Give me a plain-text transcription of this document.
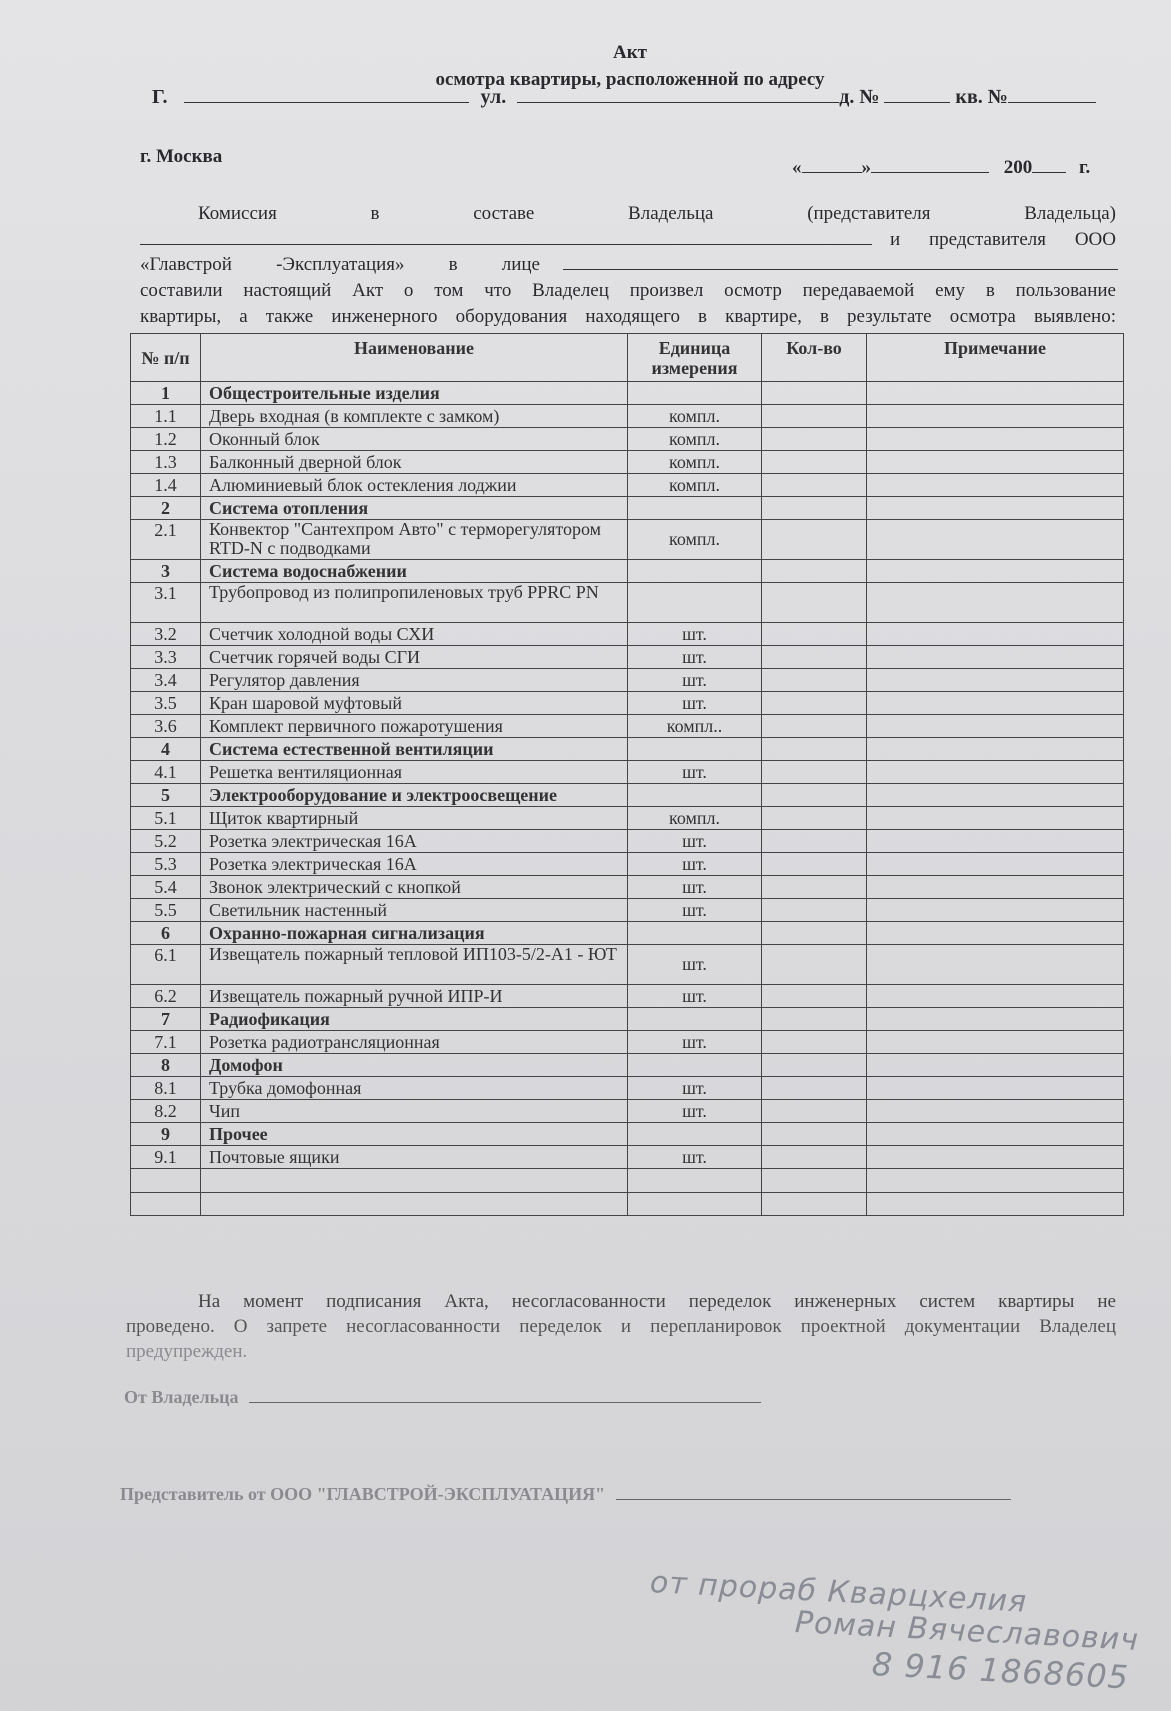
Акт
осмотра квартиры, расположенной по адресу
Г.	ул.	д. №	кв. №
г. Москва
«	»	200 г.
Комиссия	в	составе	Владельца	(представителя	Владельца)
и представителя ООО
«Главстрой -Эксплуатация» в лице

составили настоящий Акт о том что Владелец произвел осмотр передаваемой ему в пользование
квартиры, а также инженерного оборудования находящего в квартире, в результате осмотра выявлено:
№ п/п	Наименование	Единица измерения	Кол-во	Примечание
1	Общестроительные изделия			
1.1	Дверь входная (в комплекте с замком)	компл.		
1.2	Оконный блок	компл.		
1.3	Балконный дверной блок	компл.		
1.4	Алюминиевый блок остекления лоджии	компл.		
2	Система отопления			
2.1	Конвектор "Сантехпром Авто" с терморегулятором RTD-N с подводками	компл.		
3	Система водоснабжении			
3.1	Трубопровод из полипропиленовых труб PPRC PN			
3.2	Счетчик холодной воды СХИ	шт.		
3.3	Счетчик горячей воды СГИ	шт.		
3.4	Регулятор давления	шт.		
3.5	Кран шаровой муфтовый	шт.		
3.6	Комплект первичного пожаротушения	компл..		
4	Система естественной вентиляции			
4.1	Решетка вентиляционная	шт.		
5	Электрооборудование и электроосвещение			
5.1	Щиток квартирный	компл.		
5.2	Розетка электрическая 16А	шт.		
5.3	Розетка электрическая 16А	шт.		
5.4	Звонок электрический с кнопкой	шт.		
5.5	Светильник настенный	шт.		
6	Охранно-пожарная сигнализация			
6.1	Извещатель пожарный тепловой ИП103-5/2-А1 - ЮТ	шт.		
6.2	Извещатель пожарный ручной ИПР-И	шт.		
7	Радиофикация			
7.1	Розетка радиотрансляционная	шт.		
8	Домофон			
8.1	Трубка домофонная	шт.		
8.2	Чип	шт.		
9	Прочее			
9.1	Почтовые ящики	шт.		

На момент подписания Акта, несогласованности переделок инженерных систем квартиры не
проведено. О запрете несогласованности переделок и перепланировок проектной документации Владелец
предупрежден.
От Владельца
Представитель от ООО "ГЛАВСТРОЙ-ЭКСПЛУАТАЦИЯ"
от прораб Кварцхелия
Роман Вячеславович
8 916 1868605
